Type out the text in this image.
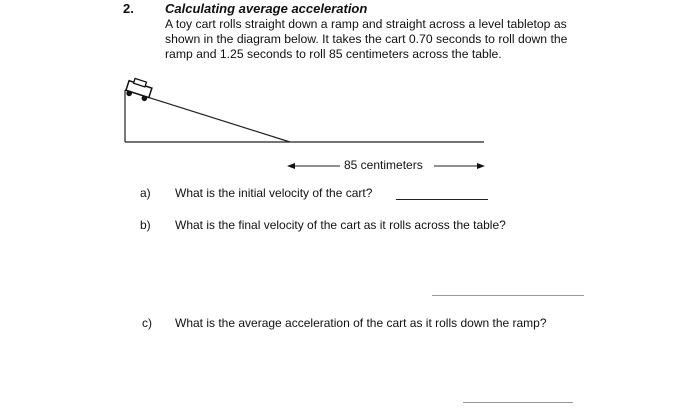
2. Calculating average acceleration
A toy cart rolls straight down a ramp and straight across a level tabletop as
shown in the diagram below. It takes the cart 0.70 seconds to roll down the
ramp and 1.25 seconds to roll 85 centimeters across the table.
85 centimeters
a) What is the initial velocity of the cart?
b) What is the final velocity of the cart as it rolls across the table?
c) What is the average acceleration of the cart as it rolls down the ramp?
